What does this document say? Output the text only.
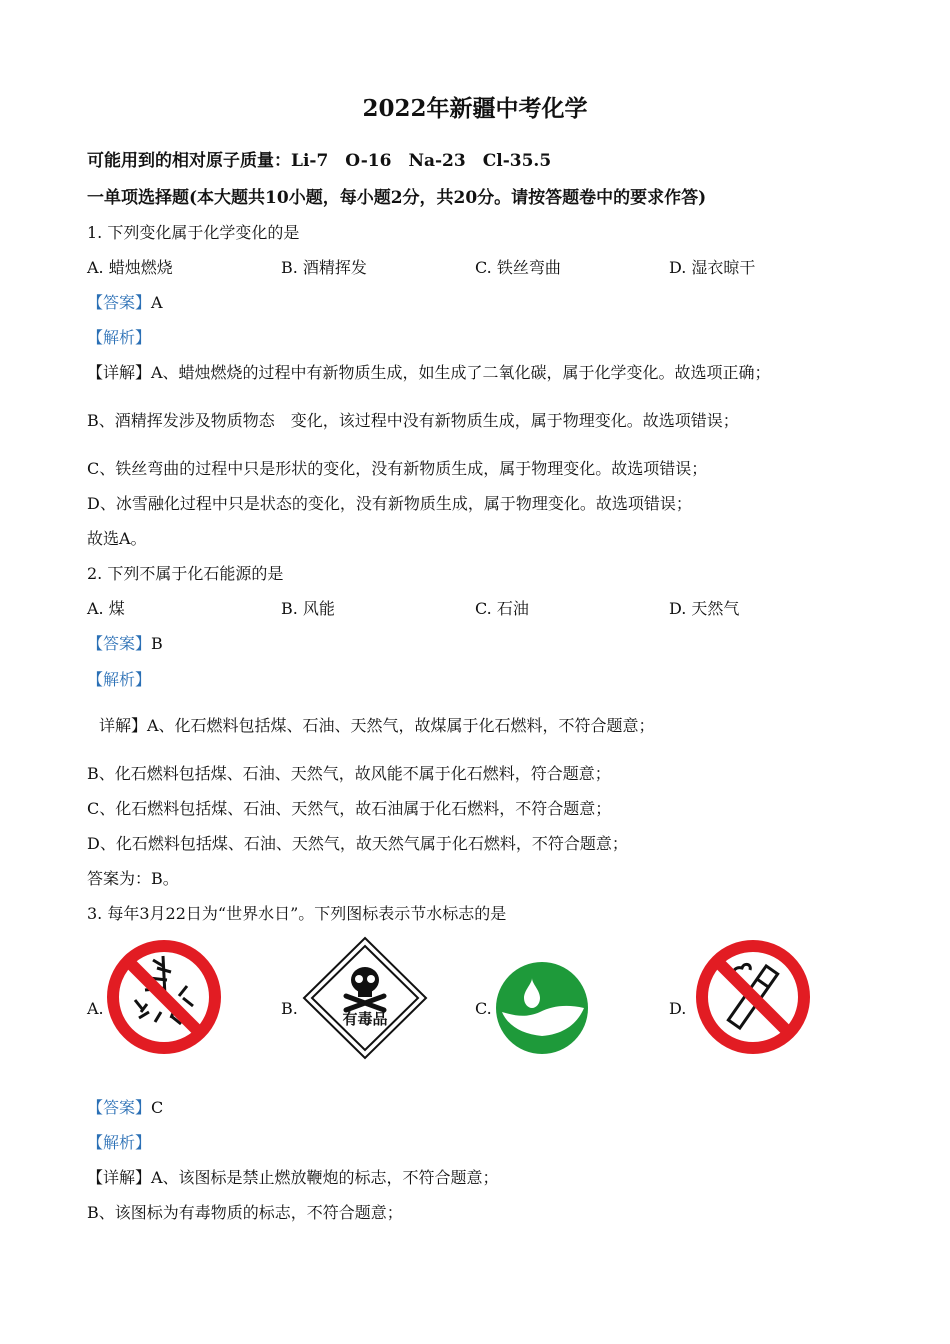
2022年新疆中考化学
可能用到的相对原子质量：Li-7　O-16　Na-23　Cl-35.5
一单项选择题(本大题共10小题，每小题2分，共20分。请按答题卷中的要求作答)
1. 下列变化属于化学变化的是
A. 蜡烛燃烧	B. 酒精挥发	C. 铁丝弯曲	D. 湿衣晾干
【答案】A
【解析】
【详解】A、蜡烛燃烧的过程中有新物质生成，如生成了二氧化碳，属于化学变化。故选项正确；
B、酒精挥发涉及物质物态　变化，该过程中没有新物质生成，属于物理变化。故选项错误；
C、铁丝弯曲的过程中只是形状的变化，没有新物质生成，属于物理变化。故选项错误；
D、冰雪融化过程中只是状态的变化，没有新物质生成，属于物理变化。故选项错误；
故选A。
2. 下列不属于化石能源的是
A. 煤	B. 风能	C. 石油	D. 天然气
【答案】B
【解析】
详解】A、化石燃料包括煤、石油、天然气，故煤属于化石燃料，不符合题意；
B、化石燃料包括煤、石油、天然气，故风能不属于化石燃料，符合题意；
C、化石燃料包括煤、石油、天然气，故石油属于化石燃料，不符合题意；
D、化石燃料包括煤、石油、天然气，故天然气属于化石燃料，不符合题意；
答案为：B。
3. 每年3月22日为“世界水日”。下列图标表示节水标志的是
A.	B.
有毒品
C.	D.
【答案】C
【解析】
【详解】A、该图标是禁止燃放鞭炮的标志，不符合题意；
B、该图标为有毒物质的标志，不符合题意；
